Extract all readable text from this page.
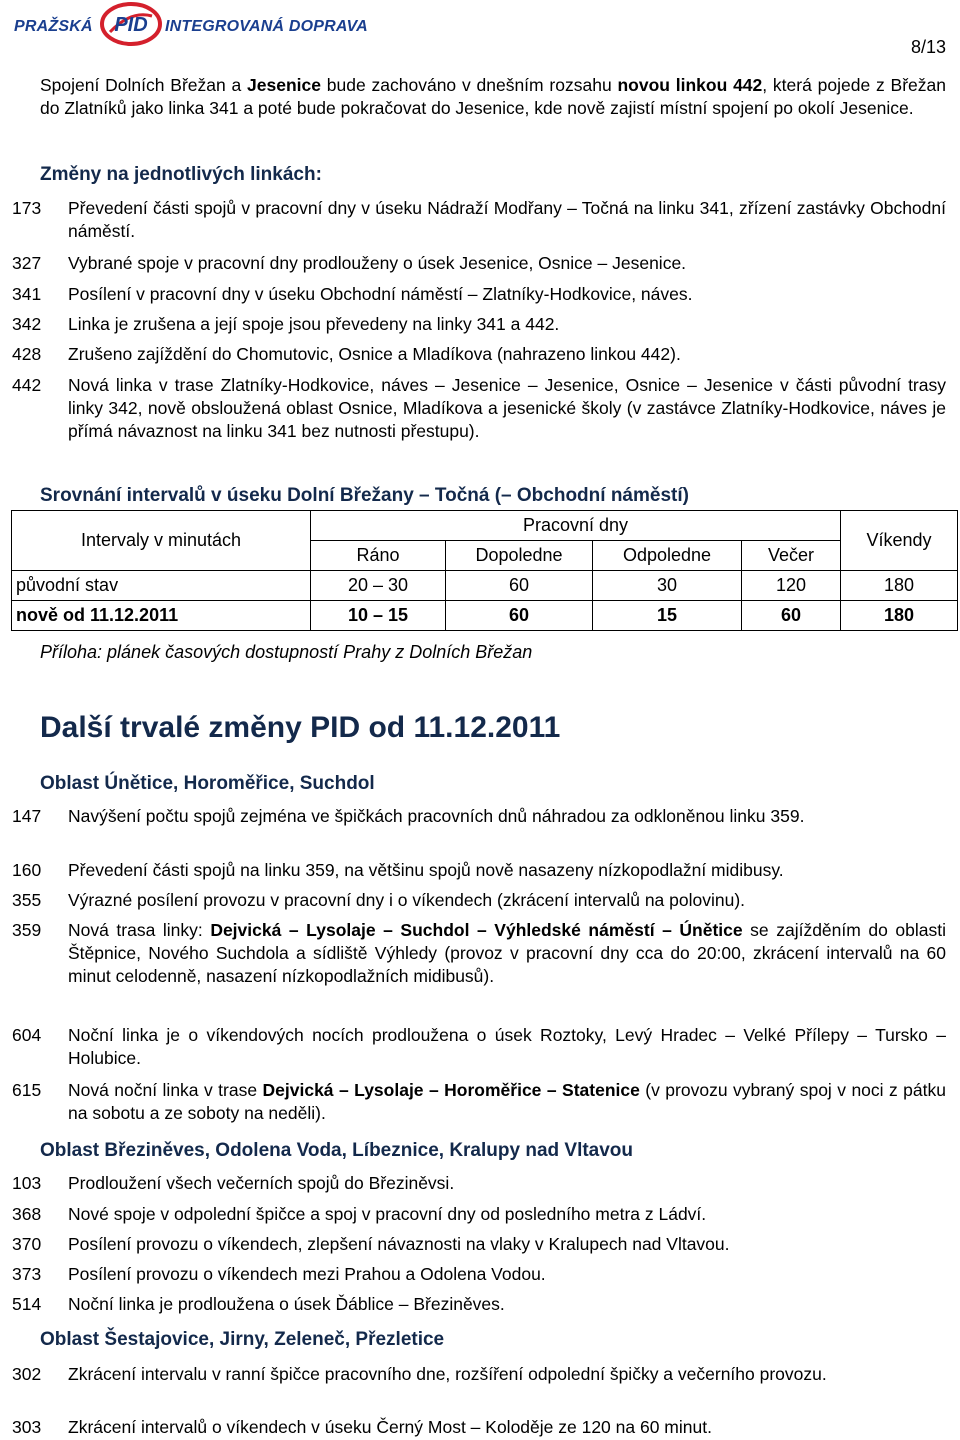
PRAŽSKÁ PID INTEGROVANÁ DOPRAVA
8/13
Spojení Dolních Břežan a Jesenice bude zachováno v dnešním rozsahu novou linkou 442, která pojede z Břežan do Zlatníků jako linka 341 a poté bude pokračovat do Jesenice, kde nově zajistí místní spojení po okolí Jesenice.
Změny na jednotlivých linkách:
173	Převedení části spojů v pracovní dny v úseku Nádraží Modřany – Točná na linku 341, zřízení zastávky Obchodní náměstí.
327	Vybrané spoje v pracovní dny prodlouženy o úsek Jesenice, Osnice – Jesenice.
341	Posílení v pracovní dny v úseku Obchodní náměstí – Zlatníky-Hodkovice, náves.
342	Linka je zrušena a její spoje jsou převedeny na linky 341 a 442.
428	Zrušeno zajíždění do Chomutovic, Osnice a Mladíkova (nahrazeno linkou 442).
442	Nová linka v trase Zlatníky-Hodkovice, náves – Jesenice – Jesenice, Osnice – Jesenice v části původní trasy linky 342, nově obsloužená oblast Osnice, Mladíkova a jesenické školy (v zastávce Zlatníky-Hodkovice, náves je přímá návaznost na linku 341 bez nutnosti přestupu).
Srovnání intervalů v úseku Dolní Břežany – Točná (– Obchodní náměstí)
Intervaly v minutách	Pracovní dny				Víkendy
	Ráno	Dopoledne	Odpoledne	Večer	
původní stav	20 – 30	60	30	120	180
nově od 11.12.2011	10 – 15	60	15	60	180
Příloha: plánek časových dostupností Prahy z Dolních Břežan
Další trvalé změny PID od 11.12.2011
Oblast Únětice, Horoměřice, Suchdol
147	Navýšení počtu spojů zejména ve špičkách pracovních dnů náhradou za odkloněnou linku 359.
160	Převedení části spojů na linku 359, na většinu spojů nově nasazeny nízkopodlažní midibusy.
355	Výrazné posílení provozu v pracovní dny i o víkendech (zkrácení intervalů na polovinu).
359	Nová trasa linky: Dejvická – Lysolaje – Suchdol – Výhledské náměstí – Únětice se zajížděním do oblasti Štěpnice, Nového Suchdola a sídliště Výhledy (provoz v pracovní dny cca do 20:00, zkrácení intervalů na 60 minut celodenně, nasazení nízkopodlažních midibusů).
604	Noční linka je o víkendových nocích prodloužena o úsek Roztoky, Levý Hradec – Velké Přílepy – Tursko – Holubice.
615	Nová noční linka v trase Dejvická – Lysolaje – Horoměřice – Statenice (v provozu vybraný spoj v noci z pátku na sobotu a ze soboty na neděli).
Oblast Březiněves, Odolena Voda, Líbeznice, Kralupy nad Vltavou
103	Prodloužení všech večerních spojů do Březiněvsi.
368	Nové spoje v odpolední špičce a spoj v pracovní dny od posledního metra z Ládví.
370	Posílení provozu o víkendech, zlepšení návaznosti na vlaky v Kralupech nad Vltavou.
373	Posílení provozu o víkendech mezi Prahou a Odolena Vodou.
514	Noční linka je prodloužena o úsek Ďáblice – Březiněves.
Oblast Šestajovice, Jirny, Zeleneč, Přezletice
302	Zkrácení intervalu v ranní špičce pracovního dne, rozšíření odpolední špičky a večerního provozu.
303	Zkrácení intervalů o víkendech v úseku Černý Most – Koloděje ze 120 na 60 minut.
